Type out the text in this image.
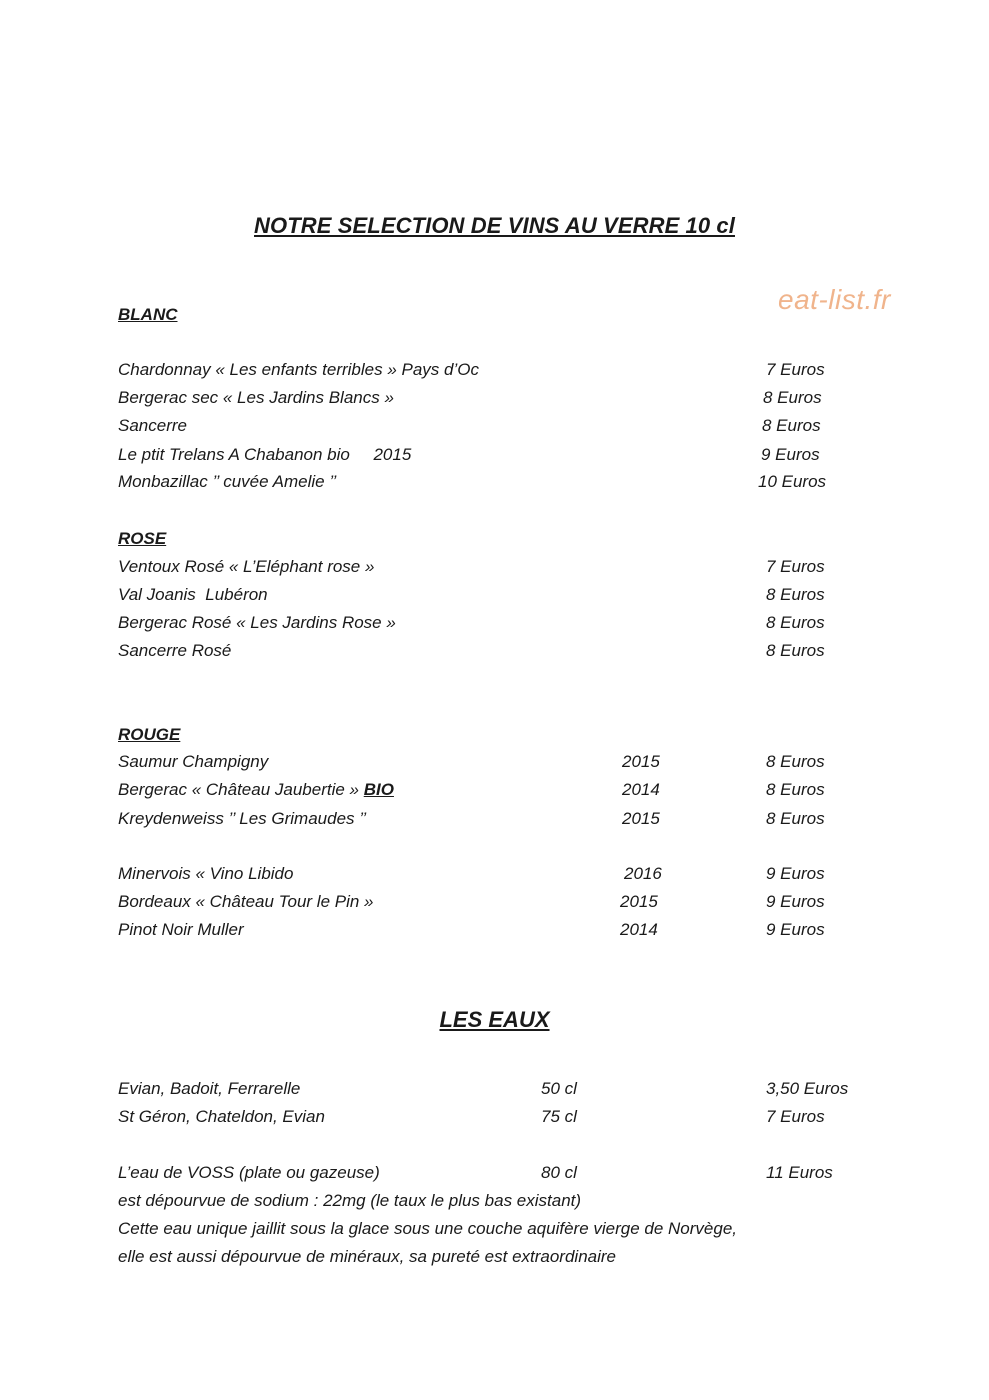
NOTRE SELECTION DE VINS AU VERRE 10 cl
eat-list.fr
BLANC
Chardonnay « Les enfants terribles » Pays d’Oc	7 Euros
Bergerac sec « Les Jardins Blancs »	8 Euros
Sancerre	8 Euros
Le ptit Trelans A Chabanon bio     2015	9 Euros
Monbazillac ’’ cuvée Amelie ’’	10 Euros
ROSE
Ventoux Rosé « L’Eléphant rose »	7 Euros
Val Joanis  Lubéron	8 Euros
Bergerac Rosé « Les Jardins Rose »	8 Euros
Sancerre Rosé	8 Euros
ROUGE
Saumur Champigny	2015	8 Euros
Bergerac « Château Jaubertie » BIO	2014	8 Euros
Kreydenweiss ’’ Les Grimaudes ’’	2015	8 Euros
Minervois « Vino Libido	2016	9 Euros
Bordeaux « Château Tour le Pin »	2015	9 Euros
Pinot Noir Muller	2014	9 Euros
LES EAUX
Evian, Badoit, Ferrarelle	50 cl	3,50 Euros
St Géron, Chateldon, Evian	75 cl	7 Euros
L’eau de VOSS (plate ou gazeuse)	80 cl	11 Euros
est dépourvue de sodium : 22mg (le taux le plus bas existant)
Cette eau unique jaillit sous la glace sous une couche aquifère vierge de Norvège,
elle est aussi dépourvue de minéraux, sa pureté est extraordinaire
